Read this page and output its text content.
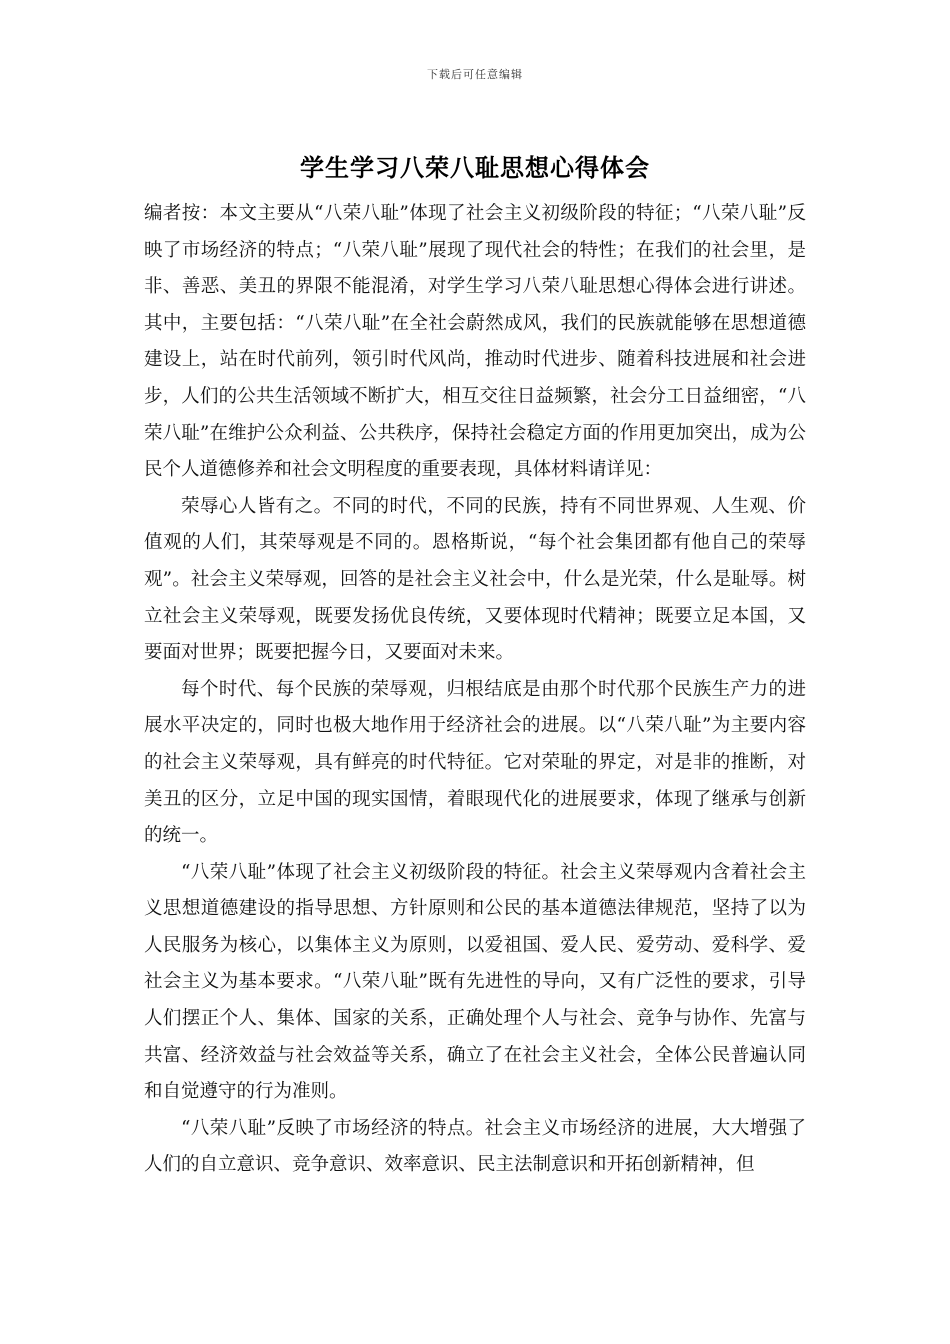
下载后可任意编辑
学生学习八荣八耻思想心得体会

编者按：本文主要从“八荣八耻”体现了社会主义初级阶段的特征；“八荣八耻”反映了市场经济的特点；“八荣八耻”展现了现代社会的特性；在我们的社会里，是非、善恶、美丑的界限不能混淆，对学生学习八荣八耻思想心得体会进行讲述。其中，主要包括：“八荣八耻”在全社会蔚然成风，我们的民族就能够在思想道德建设上，站在时代前列，领引时代风尚，推动时代进步、随着科技进展和社会进步，人们的公共生活领域不断扩大，相互交往日益频繁，社会分工日益细密，“八荣八耻”在维护公众利益、公共秩序，保持社会稳定方面的作用更加突出，成为公民个人道德修养和社会文明程度的重要表现，具体材料请详见：

荣辱心人皆有之。不同的时代，不同的民族，持有不同世界观、人生观、价值观的人们，其荣辱观是不同的。恩格斯说，“每个社会集团都有他自己的荣辱观”。社会主义荣辱观，回答的是社会主义社会中，什么是光荣，什么是耻辱。树立社会主义荣辱观，既要发扬优良传统，又要体现时代精神；既要立足本国，又要面对世界；既要把握今日，又要面对未来。

每个时代、每个民族的荣辱观，归根结底是由那个时代那个民族生产力的进展水平决定的，同时也极大地作用于经济社会的进展。以“八荣八耻”为主要内容的社会主义荣辱观，具有鲜亮的时代特征。它对荣耻的界定，对是非的推断，对美丑的区分，立足中国的现实国情，着眼现代化的进展要求，体现了继承与创新的统一。

“八荣八耻”体现了社会主义初级阶段的特征。社会主义荣辱观内含着社会主义思想道德建设的指导思想、方针原则和公民的基本道德法律规范，坚持了以为人民服务为核心，以集体主义为原则，以爱祖国、爱人民、爱劳动、爱科学、爱社会主义为基本要求。“八荣八耻”既有先进性的导向，又有广泛性的要求，引导人们摆正个人、集体、国家的关系，正确处理个人与社会、竞争与协作、先富与共富、经济效益与社会效益等关系，确立了在社会主义社会，全体公民普遍认同和自觉遵守的行为准则。

“八荣八耻”反映了市场经济的特点。社会主义市场经济的进展，大大增强了人们的自立意识、竞争意识、效率意识、民主法制意识和开拓创新精神，但
